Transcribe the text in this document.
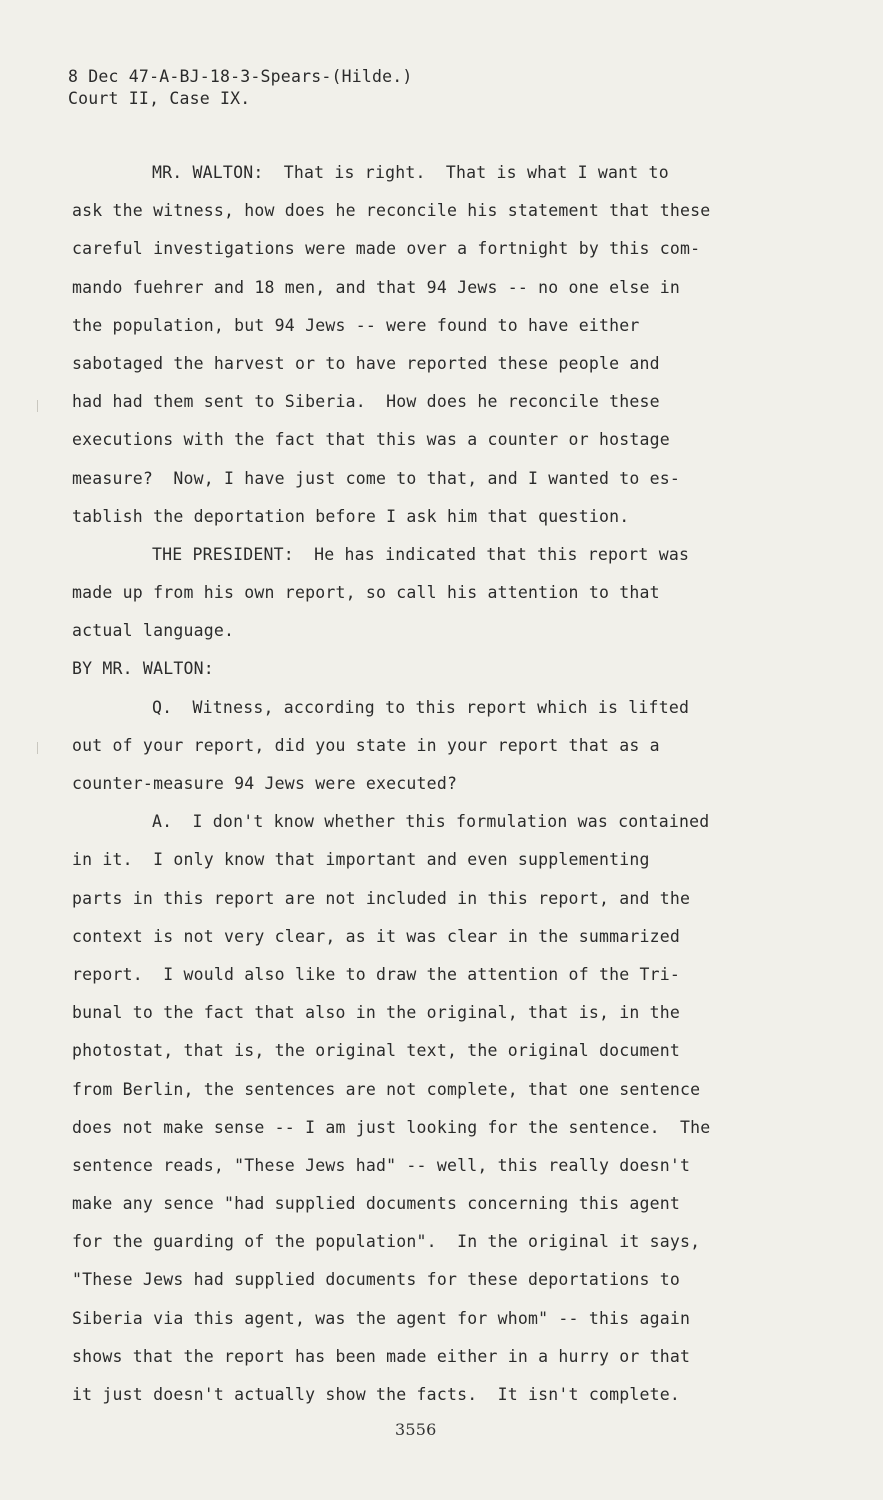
8 Dec 47-A-BJ-18-3-Spears-(Hilde.)
Court II, Case IX.
MR. WALTON:  That is right.  That is what I want to
ask the witness, how does he reconcile his statement that these
careful investigations were made over a fortnight by this com-
mando fuehrer and 18 men, and that 94 Jews -- no one else in
the population, but 94 Jews -- were found to have either
sabotaged the harvest or to have reported these people and
had had them sent to Siberia.  How does he reconcile these
executions with the fact that this was a counter or hostage
measure?  Now, I have just come to that, and I wanted to es-
tablish the deportation before I ask him that question.
THE PRESIDENT:  He has indicated that this report was
made up from his own report, so call his attention to that
actual language.
BY MR. WALTON:
Q.  Witness, according to this report which is lifted
out of your report, did you state in your report that as a
counter-measure 94 Jews were executed?
A.  I don't know whether this formulation was contained
in it.  I only know that important and even supplementing
parts in this report are not included in this report, and the
context is not very clear, as it was clear in the summarized
report.  I would also like to draw the attention of the Tri-
bunal to the fact that also in the original, that is, in the
photostat, that is, the original text, the original document
from Berlin, the sentences are not complete, that one sentence
does not make sense -- I am just looking for the sentence.  The
sentence reads, "These Jews had" -- well, this really doesn't
make any sence "had supplied documents concerning this agent
for the guarding of the population".  In the original it says,
"These Jews had supplied documents for these deportations to
Siberia via this agent, was the agent for whom" -- this again
shows that the report has been made either in a hurry or that
it just doesn't actually show the facts.  It isn't complete.
3556
